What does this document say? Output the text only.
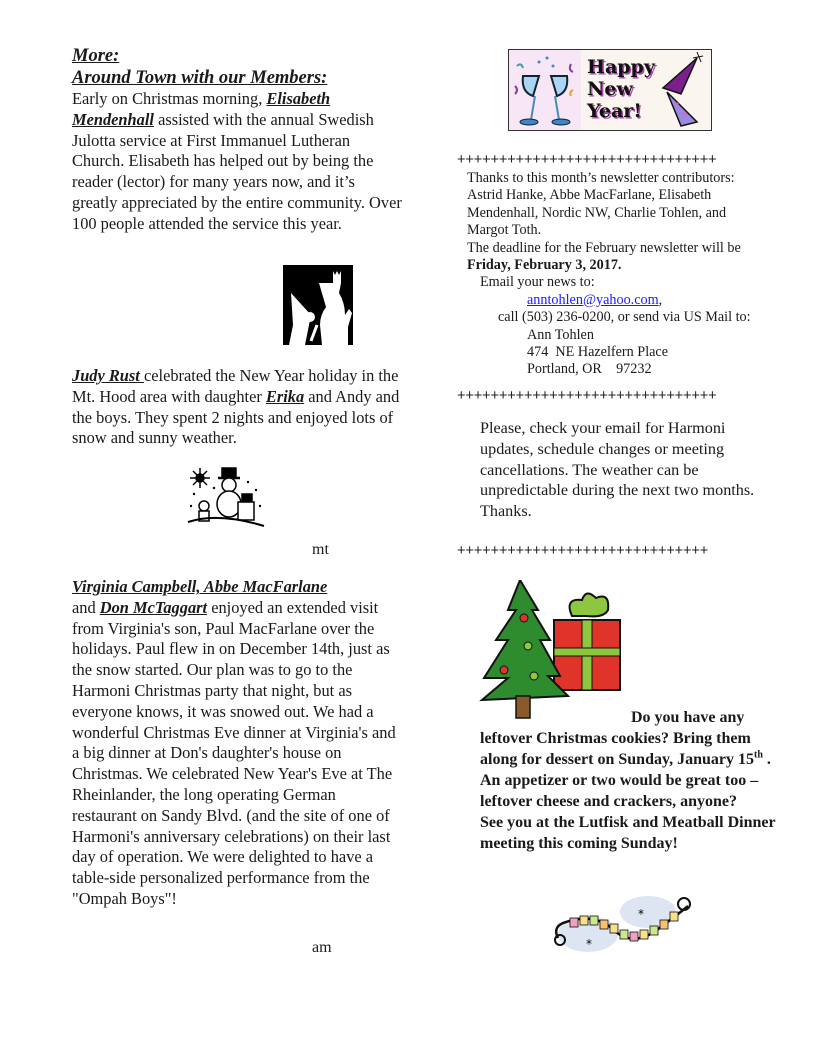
More:
Around Town with our Members:

Early on Christmas morning, Elisabeth Mendenhall assisted with the annual Swedish Julotta service at First Immanuel Lutheran Church. Elisabeth has helped out by being the reader (lector) for many years now, and it’s greatly appreciated by the entire community. Over 100 people attended the service this year.

Judy Rust celebrated the New Year holiday in the Mt. Hood area with daughter Erika and Andy and the boys. They spent 2 nights and enjoyed lots of snow and sunny weather.

mt
Virginia Campbell, Abbe MacFarlane

and Don McTaggart enjoyed an extended visit from Virginia's son, Paul MacFarlane over the holidays. Paul flew in on December 14th, just as the snow started. Our plan was to go to the Harmoni Christmas party that night, but as everyone knows, it was snowed out. We had a wonderful Christmas Eve dinner at Virginia's and a big dinner at Don's daughter's house on Christmas. We celebrated New Year's Eve at The Rheinlander, the long operating German restaurant on Sandy Blvd. (and the site of one of Harmoni's anniversary celebrations) on their last day of operation. We were delighted to have a table-side personalized performance from the "Ompah Boys"!

am
Happy New Year!
+++++++++++++++++++++++++++++++
Thanks to this month’s newsletter contributors:
Astrid Hanke, Abbe MacFarlane, Elisabeth
Mendenhall, Nordic NW, Charlie Tohlen, and
Margot Toth.
The deadline for the February newsletter will be
Friday, February 3, 2017.
Email your news to:
anntohlen@yahoo.com,
call (503) 236-0200, or send via US Mail to:
Ann Tohlen
474  NE Hazelfern Place
Portland, OR    97232
+++++++++++++++++++++++++++++++
Please, check your email for Harmoni updates, schedule changes or meeting cancellations. The weather can be unpredictable during the next two months. Thanks.
++++++++++++++++++++++++++++++
Do you have any
leftover Christmas cookies? Bring them along for dessert on Sunday, January 15th . An appetizer or two would be great too – leftover cheese and crackers, anyone?
See you at the Lutfisk and Meatball Dinner meeting this coming Sunday!
*
*
